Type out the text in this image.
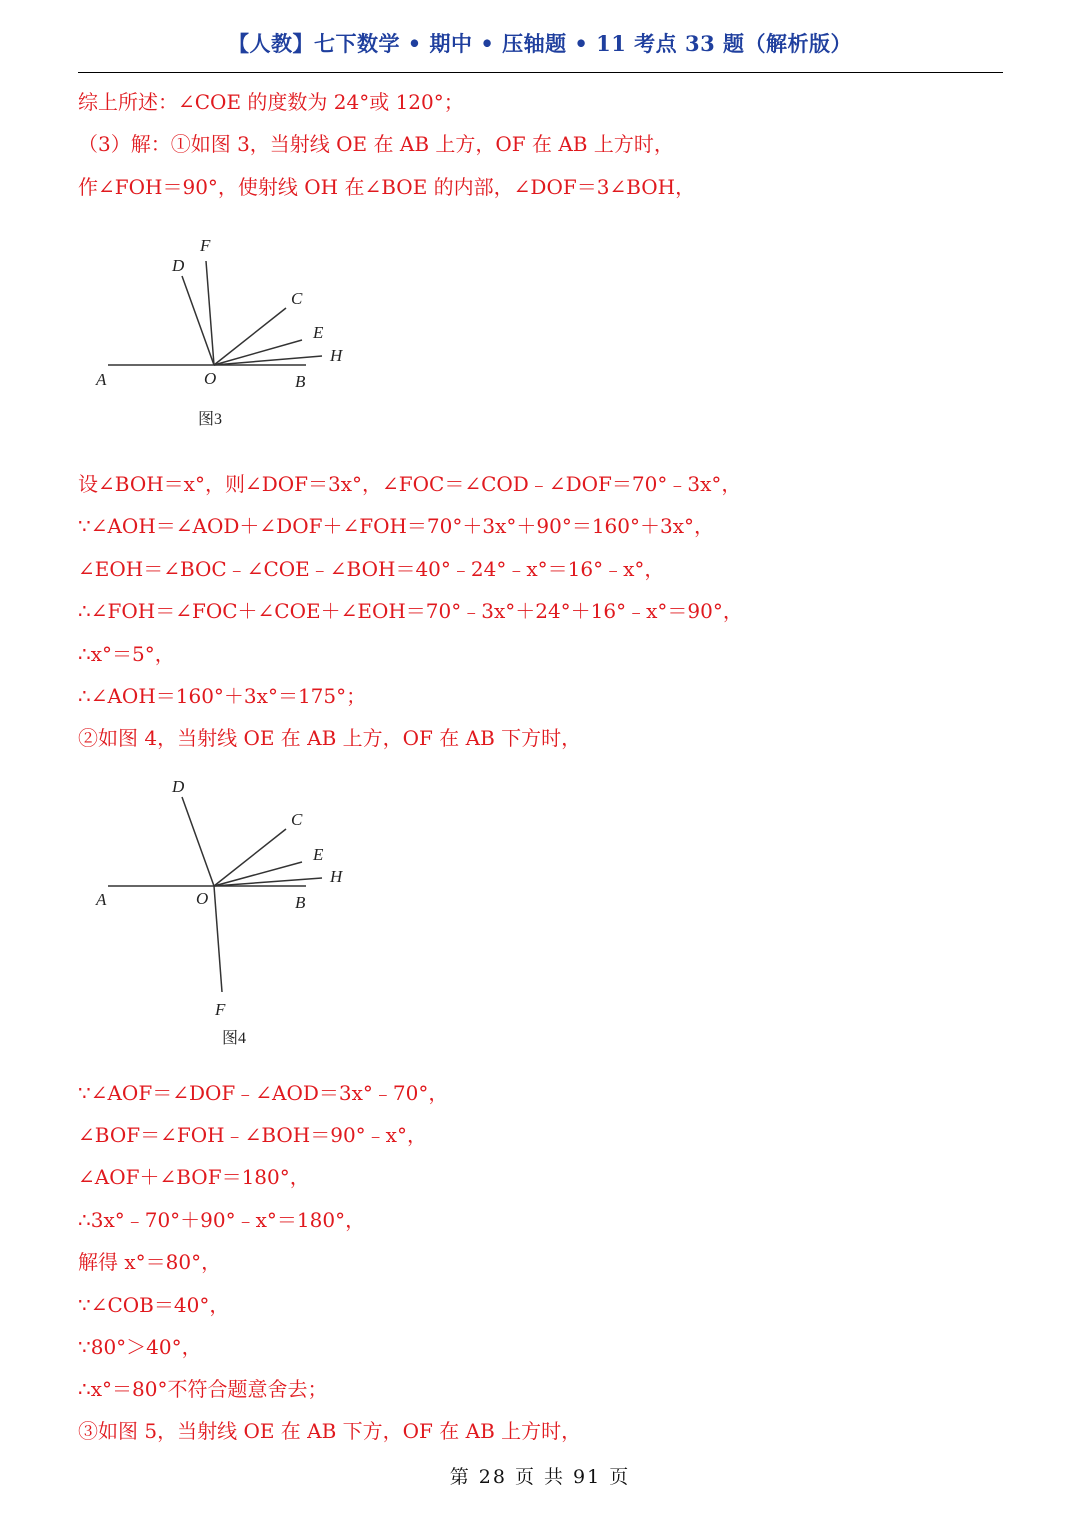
【人教】七下数学 • 期中 • 压轴题 • 11 考点 33 题（解析版）
综上所述：∠COE 的度数为 24°或 120°；
（3）解：①如图 3，当射线 OE 在 AB 上方，OF 在 AB 上方时，
作∠FOH＝90°，使射线 OH 在∠BOE 的内部，∠DOF＝3∠BOH，
A	O	B
D
F
C
E
H
图3
设∠BOH＝x°，则∠DOF＝3x°，∠FOC＝∠COD﹣∠DOF＝70°﹣3x°，
∵∠AOH＝∠AOD＋∠DOF＋∠FOH＝70°＋3x°＋90°＝160°＋3x°，
∠EOH＝∠BOC﹣∠COE﹣∠BOH＝40°﹣24°﹣x°＝16°﹣x°，
∴∠FOH＝∠FOC＋∠COE＋∠EOH＝70°﹣3x°＋24°＋16°﹣x°＝90°，
∴x°＝5°，
∴∠AOH＝160°＋3x°＝175°；
②如图 4，当射线 OE 在 AB 上方，OF 在 AB 下方时，
A	O	B
D
F
C
E
H
图4
∵∠AOF＝∠DOF﹣∠AOD＝3x°﹣70°，
∠BOF＝∠FOH﹣∠BOH＝90°﹣x°，
∠AOF＋∠BOF＝180°，
∴3x°﹣70°＋90°﹣x°＝180°，
解得 x°＝80°，
∵∠COB＝40°，
∵80°＞40°，
∴x°＝80°不符合题意舍去；
③如图 5，当射线 OE 在 AB 下方，OF 在 AB 上方时，
第 28 页 共 91 页
